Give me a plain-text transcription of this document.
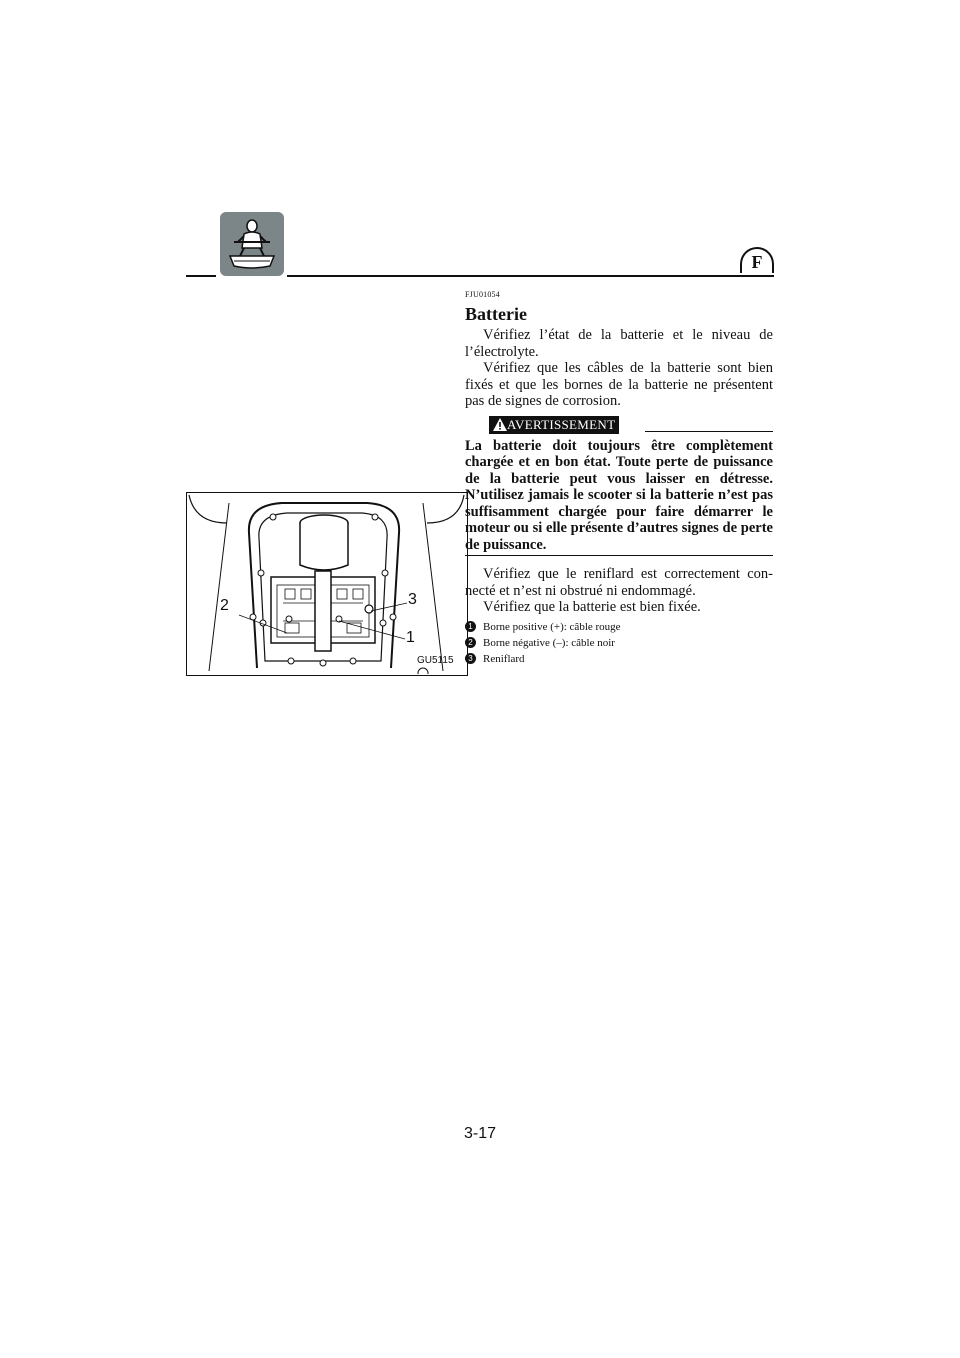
F
2	3
1
GU5115
FJU01054
Batterie

Vérifiez l’état de la batterie et le niveau de l’électrolyte.

Vérifiez que les câbles de la batterie sont bien fixés et que les bornes de la batterie ne présentent pas de signes de corrosion.

AVERTISSEMENT

La batterie doit toujours être complètement chargée et en bon état. Toute perte de puissance de la batterie peut vous laisser en détresse. N’utilisez jamais le scooter si la batterie n’est pas suffisamment chargée pour faire démarrer le moteur ou si elle présente d’autres signes de perte de puissance.

Vérifiez que le reniflard est correctement connecté et n’est ni obstrué ni endommagé.

Vérifiez que la batterie est bien fixée.

1 Borne positive (+): câble rouge
2 Borne négative (–): câble noir
3 Reniflard
3-17
